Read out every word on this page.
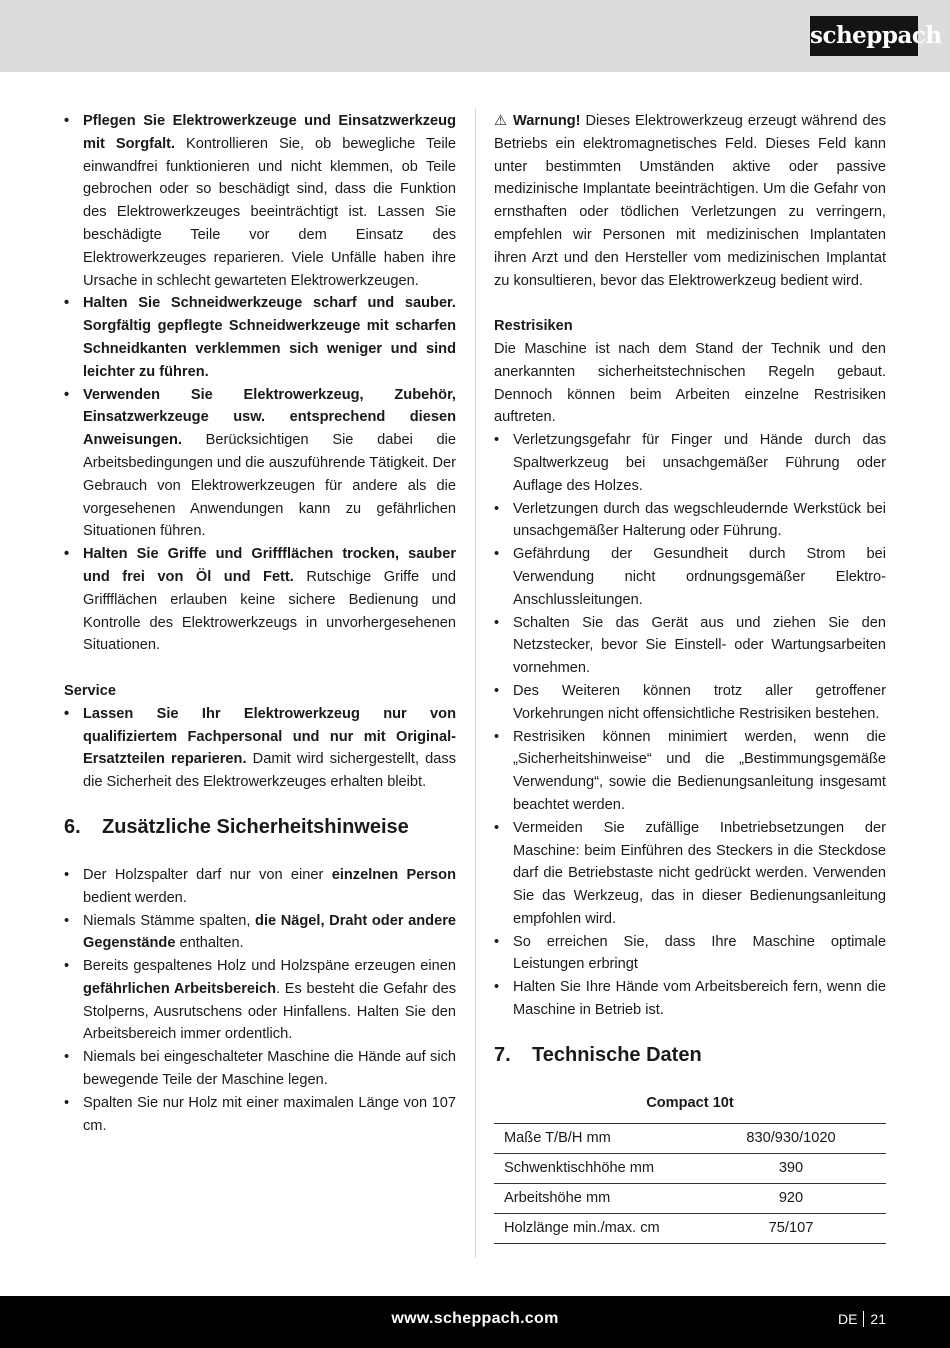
scheppach
• Pflegen Sie Elektrowerkzeuge und Einsatzwerkzeug mit Sorgfalt. Kontrollieren Sie, ob bewegliche Teile einwandfrei funktionieren und nicht klemmen, ob Teile gebrochen oder so beschädigt sind, dass die Funktion des Elektrowerkzeuges beeinträchtigt ist. Lassen Sie beschädigte Teile vor dem Einsatz des Elektrowerkzeuges reparieren. Viele Unfälle haben ihre Ursache in schlecht gewarteten Elektrowerkzeugen.
• Halten Sie Schneidwerkzeuge scharf und sauber. Sorgfältig gepflegte Schneidwerkzeuge mit scharfen Schneidkanten verklemmen sich weniger und sind leichter zu führen.
• Verwenden Sie Elektrowerkzeug, Zubehör, Einsatzwerkzeuge usw. entsprechend diesen Anweisungen. Berücksichtigen Sie dabei die Arbeitsbedingungen und die auszuführende Tätigkeit. Der Gebrauch von Elektrowerkzeugen für andere als die vorgesehenen Anwendungen kann zu gefährlichen Situationen führen.
• Halten Sie Griffe und Griffflächen trocken, sauber und frei von Öl und Fett. Rutschige Griffe und Griffflächen erlauben keine sichere Bedienung und Kontrolle des Elektrowerkzeugs in unvorhergesehenen Situationen.

Service

• Lassen Sie Ihr Elektrowerkzeug nur von qualifiziertem Fachpersonal und nur mit Original-Ersatzteilen reparieren. Damit wird sichergestellt, dass die Sicherheit des Elektrowerkzeuges erhalten bleibt.
6. Zusätzliche Sicherheitshinweise
• Der Holzspalter darf nur von einer einzelnen Person bedient werden.
• Niemals Stämme spalten, die Nägel, Draht oder andere Gegenstände enthalten.
• Bereits gespaltenes Holz und Holzspäne erzeugen einen gefährlichen Arbeitsbereich. Es besteht die Gefahr des Stolperns, Ausrutschens oder Hinfallens. Halten Sie den Arbeitsbereich immer ordentlich.
• Niemals bei eingeschalteter Maschine die Hände auf sich bewegende Teile der Maschine legen.
• Spalten Sie nur Holz mit einer maximalen Länge von 107 cm.

⚠ Warnung! Dieses Elektrowerkzeug erzeugt während des Betriebs ein elektromagnetisches Feld. Dieses Feld kann unter bestimmten Umständen aktive oder passive medizinische Implantate beeinträchtigen. Um die Gefahr von ernsthaften oder tödlichen Verletzungen zu verringern, empfehlen wir Personen mit medizinischen Implantaten ihren Arzt und den Hersteller vom medizinischen Implantat zu konsultieren, bevor das Elektrowerkzeug bedient wird.

Restrisiken

Die Maschine ist nach dem Stand der Technik und den anerkannten sicherheitstechnischen Regeln gebaut. Dennoch können beim Arbeiten einzelne Restrisiken auftreten.

• Verletzungsgefahr für Finger und Hände durch das Spaltwerkzeug bei unsachgemäßer Führung oder Auflage des Holzes.
• Verletzungen durch das wegschleudernde Werkstück bei unsachgemäßer Halterung oder Führung.
• Gefährdung der Gesundheit durch Strom bei Verwendung nicht ordnungsgemäßer Elektro-Anschlussleitungen.
• Schalten Sie das Gerät aus und ziehen Sie den Netzstecker, bevor Sie Einstell- oder Wartungsarbeiten vornehmen.
• Des Weiteren können trotz aller getroffener Vorkehrungen nicht offensichtliche Restrisiken bestehen.
• Restrisiken können minimiert werden, wenn die „Sicherheitshinweise“ und die „Bestimmungsgemäße Verwendung“, sowie die Bedienungsanleitung insgesamt beachtet werden.
• Vermeiden Sie zufällige Inbetriebsetzungen der Maschine: beim Einführen des Steckers in die Steckdose darf die Betriebstaste nicht gedrückt werden. Verwenden Sie das Werkzeug, das in dieser Bedienungsanleitung empfohlen wird.
• So erreichen Sie, dass Ihre Maschine optimale Leistungen erbringt
• Halten Sie Ihre Hände vom Arbeitsbereich fern, wenn die Maschine in Betrieb ist.
7. Technische Daten
Compact 10t
Maße T/B/H mm	830/930/1020
Schwenktischhöhe mm	390
Arbeitshöhe mm	920
Holzlänge min./max. cm	75/107
www.scheppach.com	DE 21
